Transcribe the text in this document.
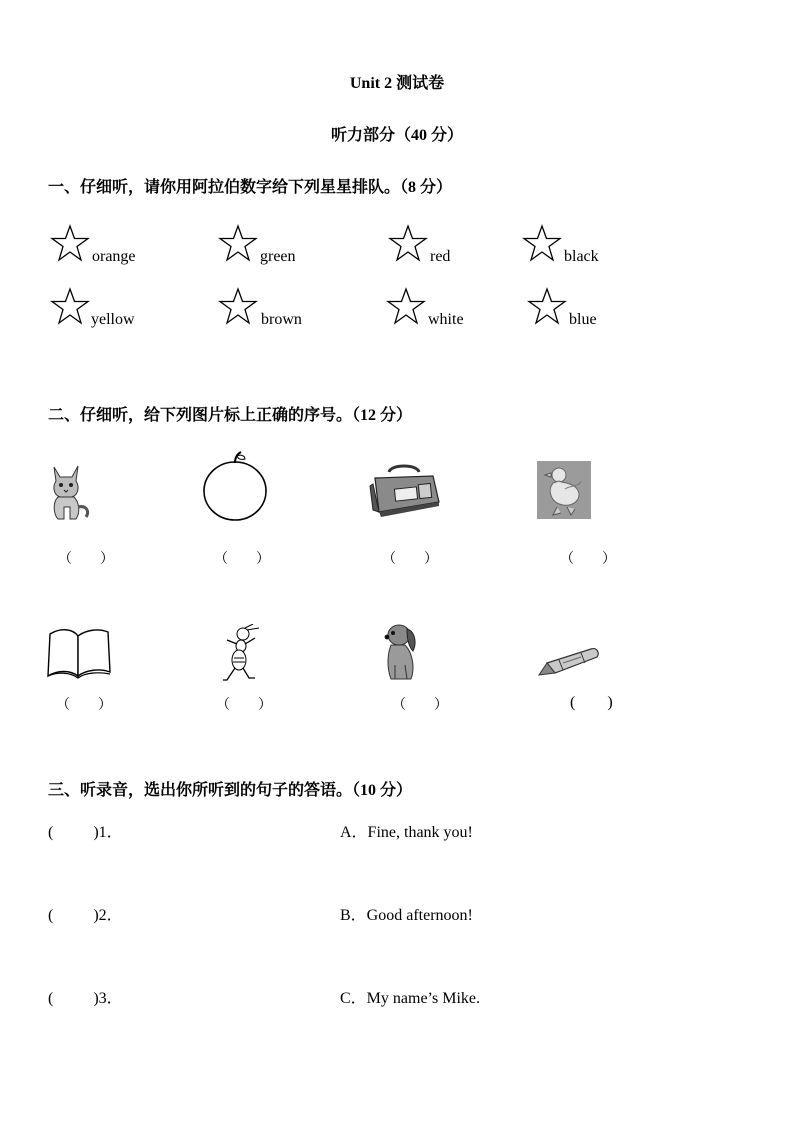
Unit 2 测试卷
听力部分（40 分）
一、仔细听，请你用阿拉伯数字给下列星星排队。（8 分）
orange	green	red	black
yellow	brown	white	blue
二、仔细听，给下列图片标上正确的序号。（12 分）
（        ）	（        ）	（        ）	（        ）
（        ）	（        ）	（        ）	(        )
三、听录音，选出你所听到的句子的答语。（10 分）
(          )1．	A．Fine, thank you!
(          )2．	B．Good afternoon!
(          )3．	C．My name’s Mike.
